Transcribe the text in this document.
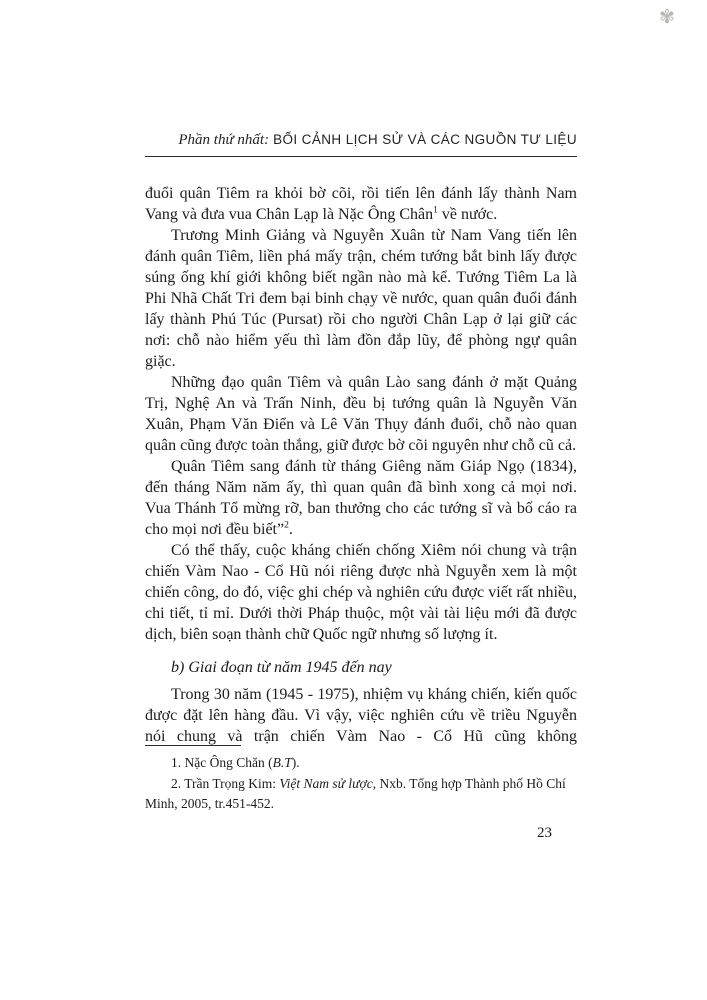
✾
Phần thứ nhất: BỐI CẢNH LỊCH SỬ VÀ CÁC NGUỒN TƯ LIỆU

đuổi quân Tiêm ra khỏi bờ cõi, rồi tiến lên đánh lấy thành Nam Vang và đưa vua Chân Lạp là Nặc Ông Chân$^1$ về nước.

Trương Minh Giảng và Nguyễn Xuân từ Nam Vang tiến lên đánh quân Tiêm, liền phá mấy trận, chém tướng bắt binh lấy được súng ống khí giới không biết ngần nào mà kể. Tướng Tiêm La là Phi Nhã Chất Tri đem bại binh chạy về nước, quan quân đuổi đánh lấy thành Phú Túc (Pursat) rồi cho người Chân Lạp ở lại giữ các nơi: chỗ nào hiểm yếu thì làm đồn đắp lũy, để phòng ngự quân giặc.

Những đạo quân Tiêm và quân Lào sang đánh ở mặt Quảng Trị, Nghệ An và Trấn Ninh, đều bị tướng quân là Nguyễn Văn Xuân, Phạm Văn Điển và Lê Văn Thụy đánh đuổi, chỗ nào quan quân cũng được toàn thắng, giữ được bờ cõi nguyên như chỗ cũ cả.

Quân Tiêm sang đánh từ tháng Giêng năm Giáp Ngọ (1834), đến tháng Năm năm ấy, thì quan quân đã bình xong cả mọi nơi. Vua Thánh Tổ mừng rỡ, ban thưởng cho các tướng sĩ và bố cáo ra cho mọi nơi đều biết”$^2$.

Có thể thấy, cuộc kháng chiến chống Xiêm nói chung và trận chiến Vàm Nao - Cổ Hũ nói riêng được nhà Nguyễn xem là một chiến công, do đó, việc ghi chép và nghiên cứu được viết rất nhiều, chi tiết, tỉ mỉ. Dưới thời Pháp thuộc, một vài tài liệu mới đã được dịch, biên soạn thành chữ Quốc ngữ nhưng số lượng ít.

b) Giai đoạn từ năm 1945 đến nay

Trong 30 năm (1945 - 1975), nhiệm vụ kháng chiến, kiến quốc được đặt lên hàng đầu. Vì vậy, việc nghiên cứu về triều Nguyễn nói chung và trận chiến Vàm Nao - Cổ Hũ cũng không

1. Nặc Ông Chăn (B.T).

2. Trần Trọng Kim: Việt Nam sử lược, Nxb. Tổng hợp Thành phố Hồ Chí Minh, 2005, tr.451-452.

23
